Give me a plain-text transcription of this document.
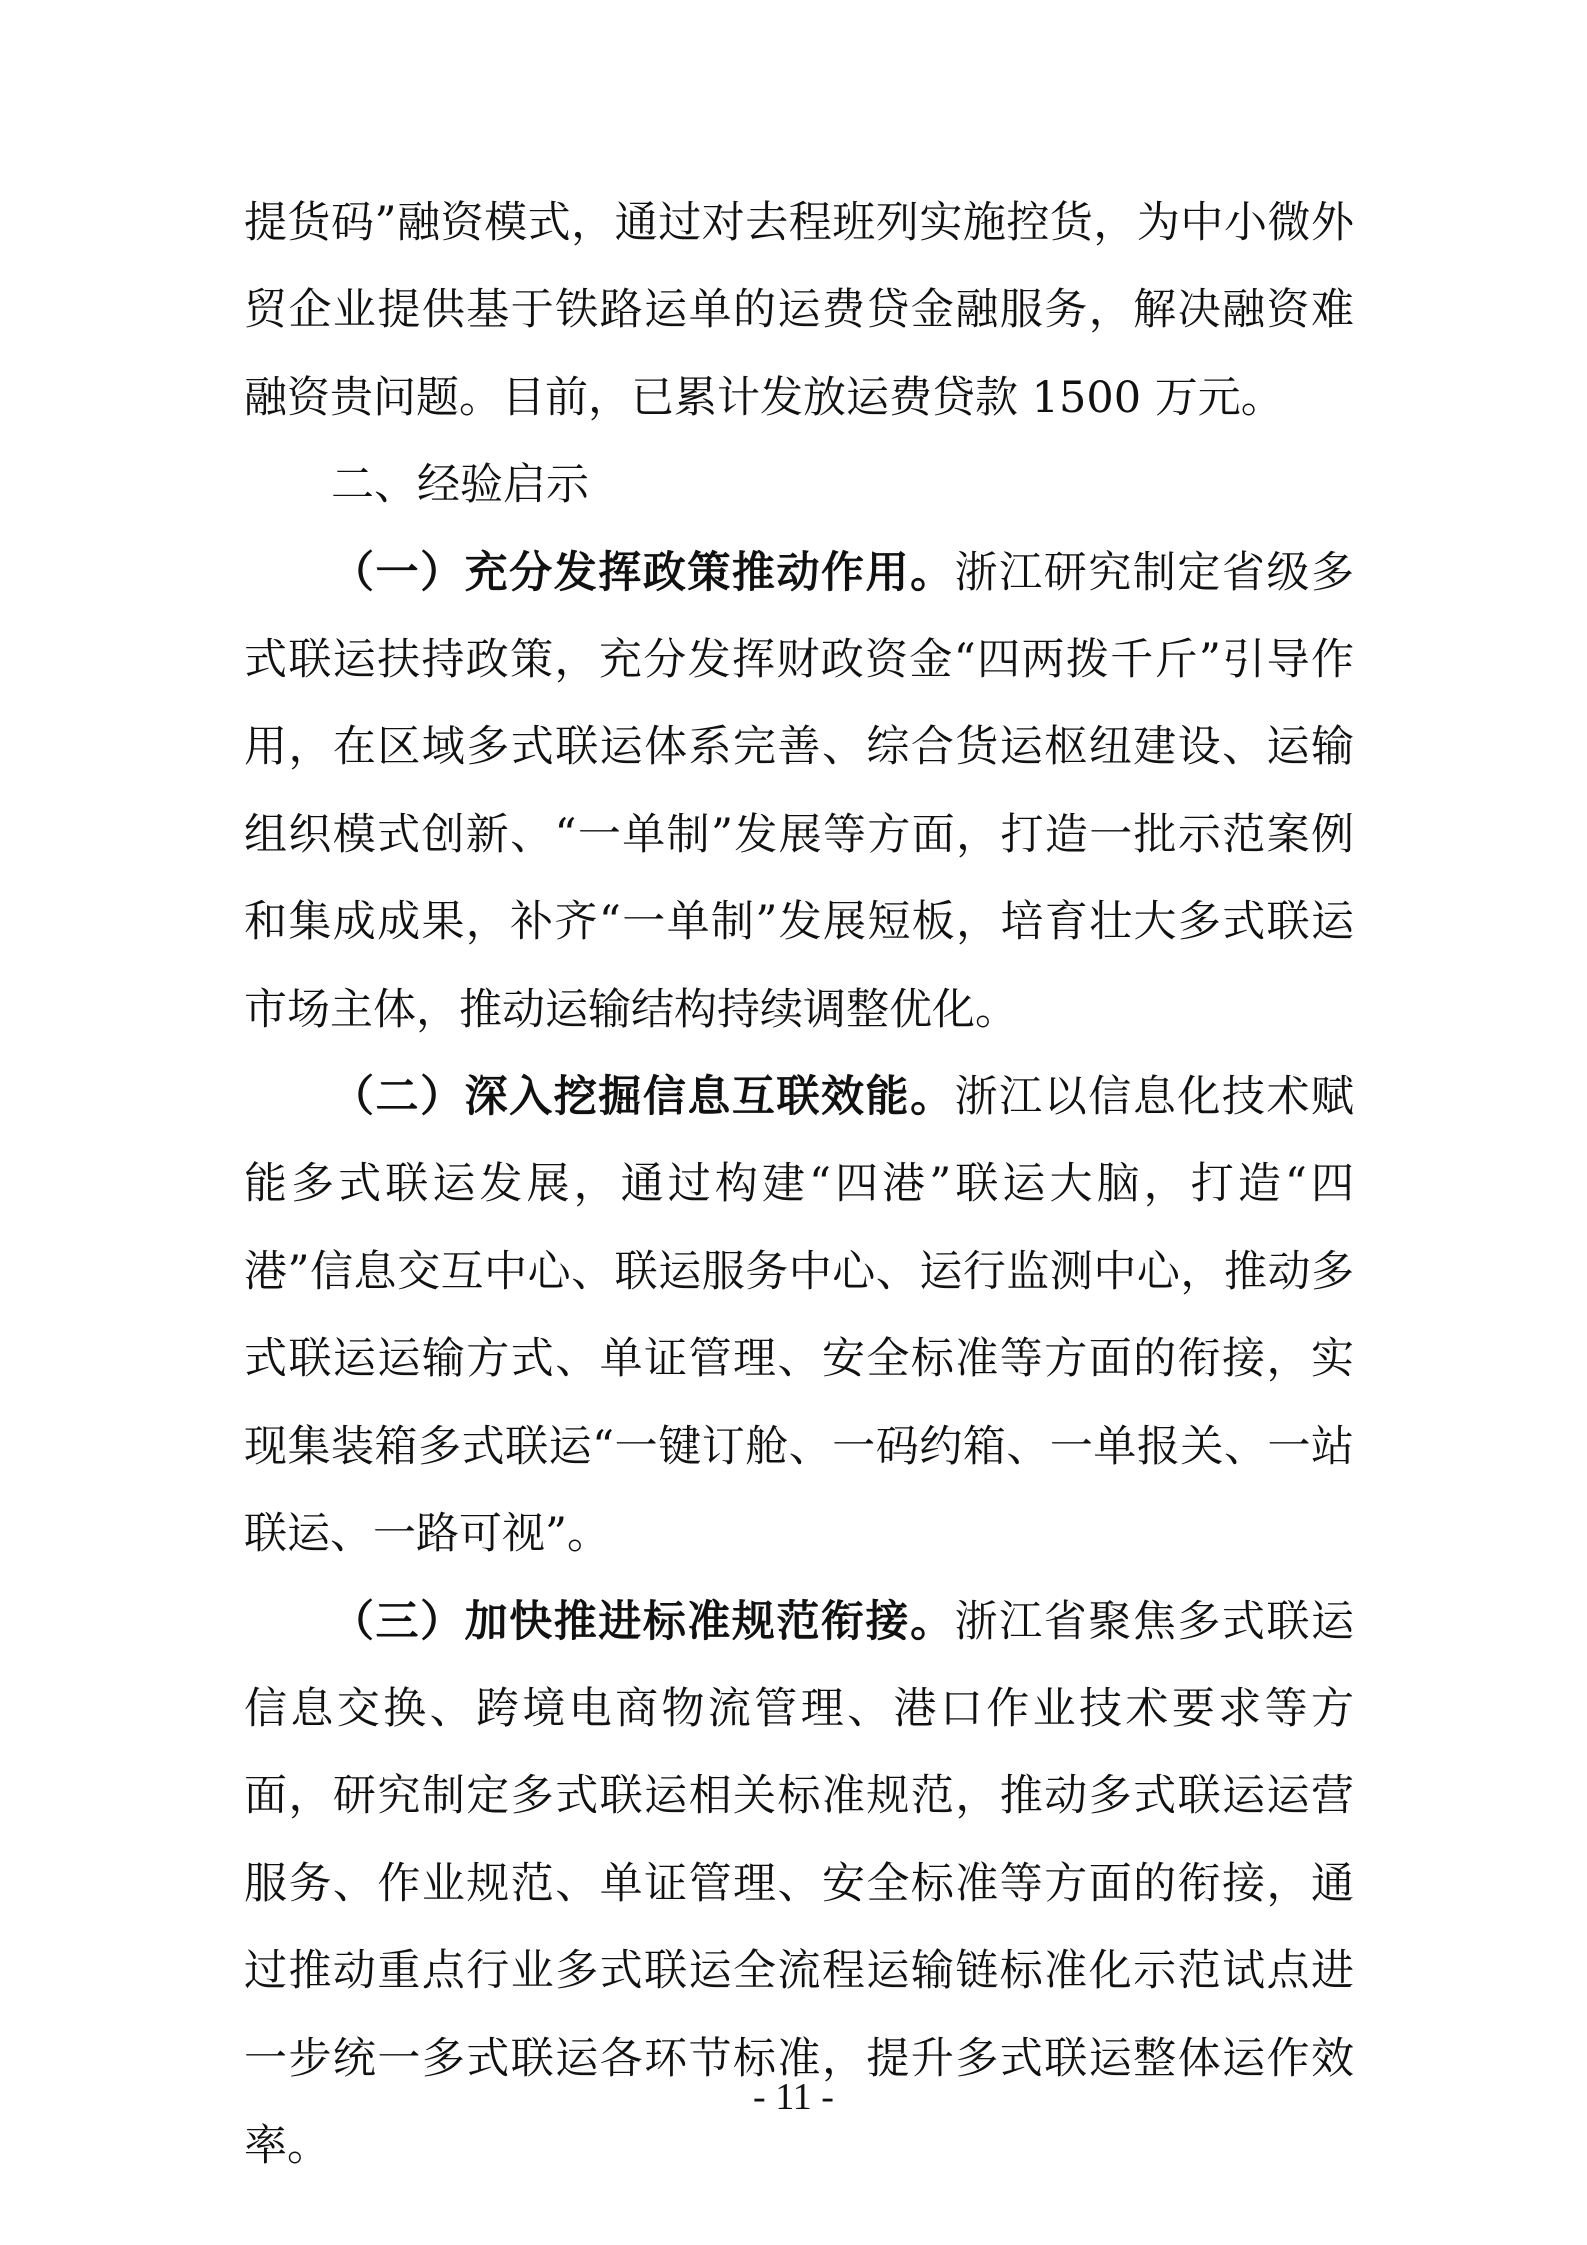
提货码”融资模式，通过对去程班列实施控货，为中小微外贸企业提供基于铁路运单的运费贷金融服务，解决融资难融资贵问题。目前，已累计发放运费贷款 1500 万元。

二、经验启示

（一）充分发挥政策推动作用。浙江研究制定省级多式联运扶持政策，充分发挥财政资金“四两拨千斤”引导作用，在区域多式联运体系完善、综合货运枢纽建设、运输组织模式创新、“一单制”发展等方面，打造一批示范案例和集成成果，补齐“一单制”发展短板，培育壮大多式联运市场主体，推动运输结构持续调整优化。

（二）深入挖掘信息互联效能。浙江以信息化技术赋能多式联运发展，通过构建“四港”联运大脑，打造“四港”信息交互中心、联运服务中心、运行监测中心，推动多式联运运输方式、单证管理、安全标准等方面的衔接，实现集装箱多式联运“一键订舱、一码约箱、一单报关、一站联运、一路可视”。

（三）加快推进标准规范衔接。浙江省聚焦多式联运信息交换、跨境电商物流管理、港口作业技术要求等方面，研究制定多式联运相关标准规范，推动多式联运运营服务、作业规范、单证管理、安全标准等方面的衔接，通过推动重点行业多式联运全流程运输链标准化示范试点进一步统一多式联运各环节标准，提升多式联运整体运作效率。

- 11 -
